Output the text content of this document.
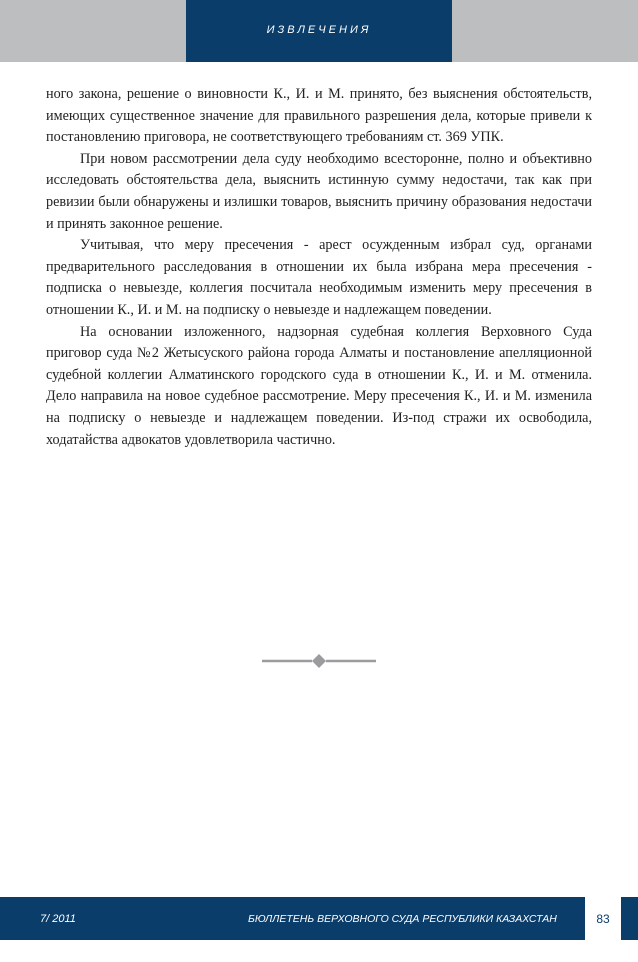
ИЗВЛЕЧЕНИЯ

ного закона, решение о виновности К., И. и М. принято, без выяснения обстоятельств, имеющих существенное значение для правильного разрешения дела, которые привели к постановлению приговора, не соответствующего требованиям ст. 369 УПК.

При новом рассмотрении дела суду необходимо всесторонне, полно и объективно исследовать обстоятельства дела, выяснить истинную сумму недостачи, так как при ревизии были обнаружены и излишки товаров, выяснить причину образования недостачи и принять законное решение.

Учитывая, что меру пресечения - арест осужденным избрал суд, органами предварительного расследования в отношении их была избрана мера пресечения - подписка о невыезде, коллегия посчитала необходимым изменить меру пресечения в отношении К., И. и М. на подписку о невыезде и надлежащем поведении.

На основании изложенного, надзорная судебная коллегия Верховного Суда приговор суда №2 Жетысуского района города Алматы и постановление апелляционной судебной коллегии Алматинского городского суда в отношении К., И. и М. отменила. Дело направила на новое судебное рассмотрение. Меру пресечения К., И. и М. изменила на подписку о невыезде и надлежащем поведении. Из-под стражи их освободила, ходатайства адвокатов удовлетворила частично.

7/ 2011	БЮЛЛЕТЕНЬ ВЕРХОВНОГО СУДА РЕСПУБЛИКИ КАЗАХСТАН	83
